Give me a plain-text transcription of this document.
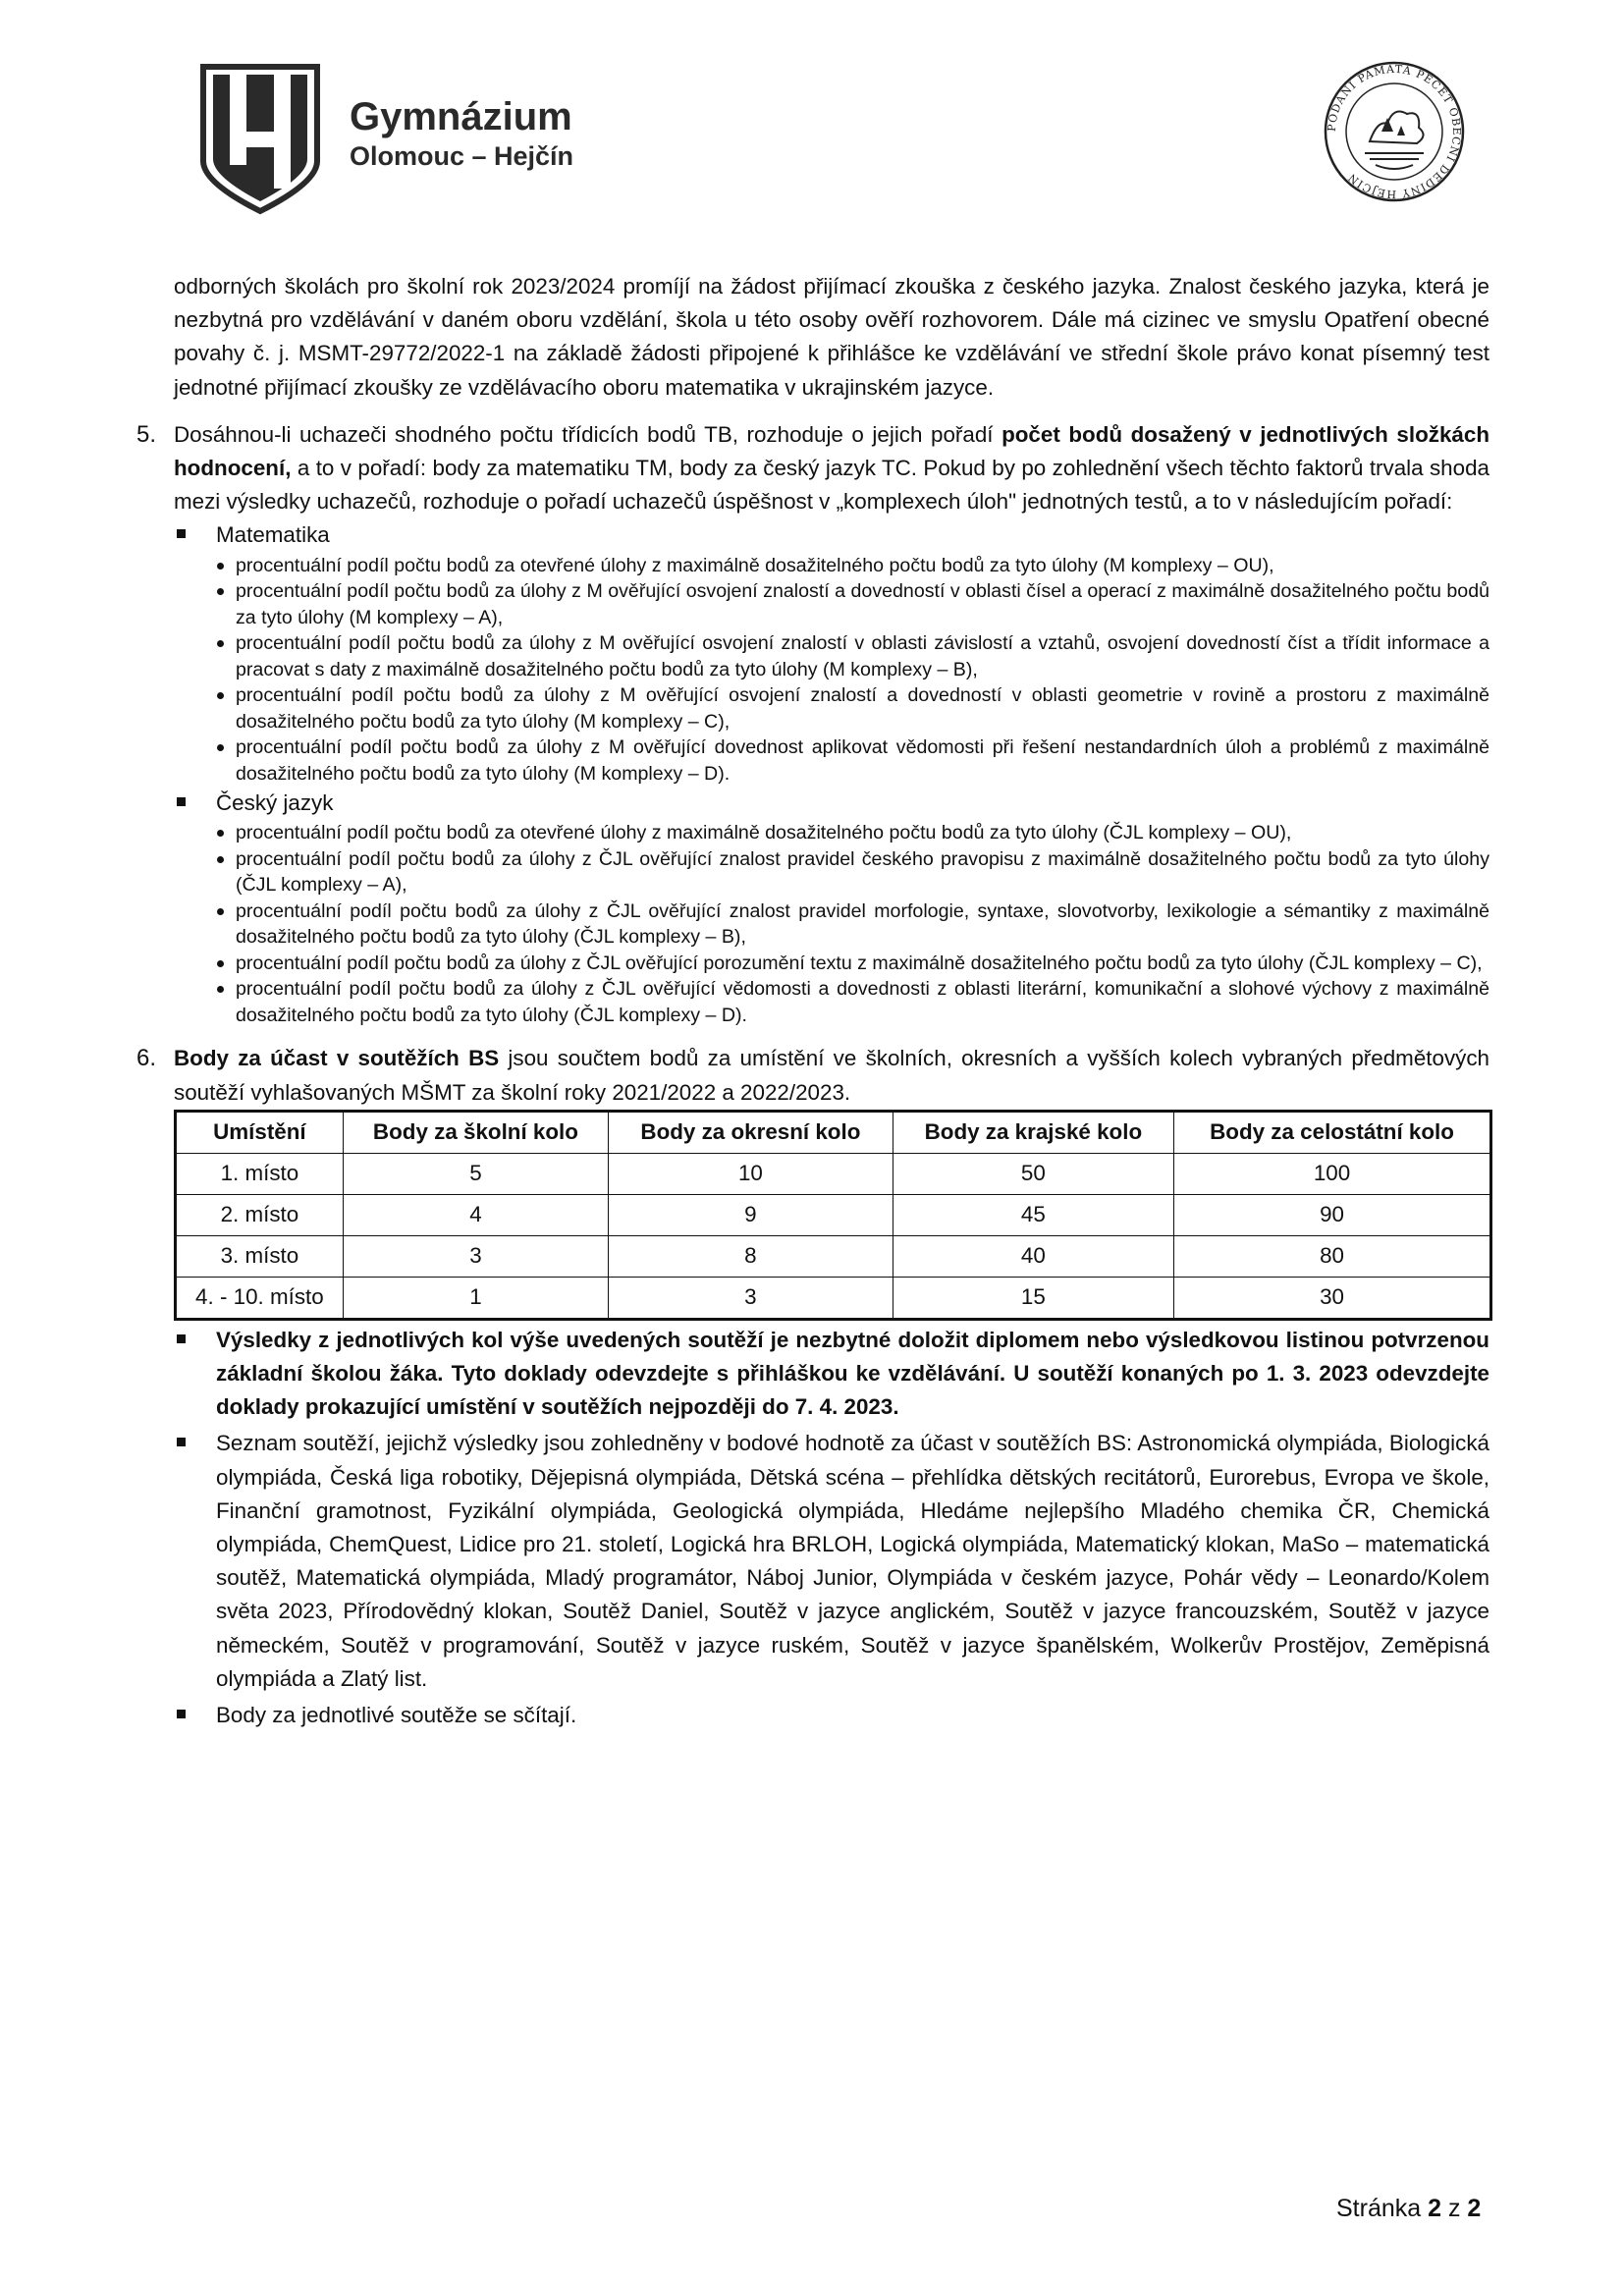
Gymnázium
Olomouc – Hejčín
PODÁNÍ PAMÁTA PEČEŤ OBECNÍ DĚDINY HEJČÍN

odborných školách pro školní rok 2023/2024 promíjí na žádost přijímací zkouška z českého jazyka. Znalost českého jazyka, která je nezbytná pro vzdělávání v daném oboru vzdělání, škola u této osoby ověří rozhovorem. Dále má cizinec ve smyslu Opatření obecné povahy č. j. MSMT-29772/2022-1 na základě žádosti připojené k přihlášce ke vzdělávání ve střední škole právo konat písemný test jednotné přijímací zkoušky ze vzdělávacího oboru matematika v ukrajinském jazyce.

5. Dosáhnou-li uchazeči shodného počtu třídicích bodů TB, rozhoduje o jejich pořadí počet bodů dosažený v jednotlivých složkách hodnocení, a to v pořadí: body za matematiku TM, body za český jazyk TC. Pokud by po zohlednění všech těchto faktorů trvala shoda mezi výsledky uchazečů, rozhoduje o pořadí uchazečů úspěšnost v „komplexech úloh" jednotných testů, a to v následujícím pořadí:

Matematika
procentuální podíl počtu bodů za otevřené úlohy z maximálně dosažitelného počtu bodů za tyto úlohy (M komplexy – OU),
procentuální podíl počtu bodů za úlohy z M ověřující osvojení znalostí a dovedností v oblasti čísel a operací z maximálně dosažitelného počtu bodů za tyto úlohy (M komplexy – A),
procentuální podíl počtu bodů za úlohy z M ověřující osvojení znalostí v oblasti závislostí a vztahů, osvojení dovedností číst a třídit informace a pracovat s daty z maximálně dosažitelného počtu bodů za tyto úlohy (M komplexy – B),
procentuální podíl počtu bodů za úlohy z M ověřující osvojení znalostí a dovedností v oblasti geometrie v rovině a prostoru z maximálně dosažitelného počtu bodů za tyto úlohy (M komplexy – C),
procentuální podíl počtu bodů za úlohy z M ověřující dovednost aplikovat vědomosti při řešení nestandardních úloh a problémů z maximálně dosažitelného počtu bodů za tyto úlohy (M komplexy – D).
Český jazyk
procentuální podíl počtu bodů za otevřené úlohy z maximálně dosažitelného počtu bodů za tyto úlohy (ČJL komplexy – OU),
procentuální podíl počtu bodů za úlohy z ČJL ověřující znalost pravidel českého pravopisu z maximálně dosažitelného počtu bodů za tyto úlohy (ČJL komplexy – A),
procentuální podíl počtu bodů za úlohy z ČJL ověřující znalost pravidel morfologie, syntaxe, slovotvorby, lexikologie a sémantiky z maximálně dosažitelného počtu bodů za tyto úlohy (ČJL komplexy – B),
procentuální podíl počtu bodů za úlohy z ČJL ověřující porozumění textu z maximálně dosažitelného počtu bodů za tyto úlohy (ČJL komplexy – C),
procentuální podíl počtu bodů za úlohy z ČJL ověřující vědomosti a dovednosti z oblasti literární, komunikační a slohové výchovy z maximálně dosažitelného počtu bodů za tyto úlohy (ČJL komplexy – D).
6. Body za účast v soutěžích BS jsou součtem bodů za umístění ve školních, okresních a vyšších kolech vybraných předmětových soutěží vyhlašovaných MŠMT za školní roky 2021/2022 a 2022/2023.

Umístění	Body za školní kolo	Body za okresní kolo	Body za krajské kolo	Body za celostátní kolo
1. místo	5	10	50	100
2. místo	4	9	45	90
3. místo	3	8	40	80
4. - 10. místo	1	3	15	30
Výsledky z jednotlivých kol výše uvedených soutěží je nezbytné doložit diplomem nebo výsledkovou listinou potvrzenou základní školou žáka. Tyto doklady odevzdejte s přihláškou ke vzdělávání. U soutěží konaných po 1. 3. 2023 odevzdejte doklady prokazující umístění v soutěžích nejpozději do 7. 4. 2023.
Seznam soutěží, jejichž výsledky jsou zohledněny v bodové hodnotě za účast v soutěžích BS: Astronomická olympiáda, Biologická olympiáda, Česká liga robotiky, Dějepisná olympiáda, Dětská scéna – přehlídka dětských recitátorů, Eurorebus, Evropa ve škole, Finanční gramotnost, Fyzikální olympiáda, Geologická olympiáda, Hledáme nejlepšího Mladého chemika ČR, Chemická olympiáda, ChemQuest, Lidice pro 21. století, Logická hra BRLOH, Logická olympiáda, Matematický klokan, MaSo – matematická soutěž, Matematická olympiáda, Mladý programátor, Náboj Junior, Olympiáda v českém jazyce, Pohár vědy – Leonardo/Kolem světa 2023, Přírodovědný klokan, Soutěž Daniel, Soutěž v jazyce anglickém, Soutěž v jazyce francouzském, Soutěž v jazyce německém, Soutěž v programování, Soutěž v jazyce ruském, Soutěž v jazyce španělském, Wolkerův Prostějov, Zeměpisná olympiáda a Zlatý list.
Body za jednotlivé soutěže se sčítají.
Stránka 2 z 2
